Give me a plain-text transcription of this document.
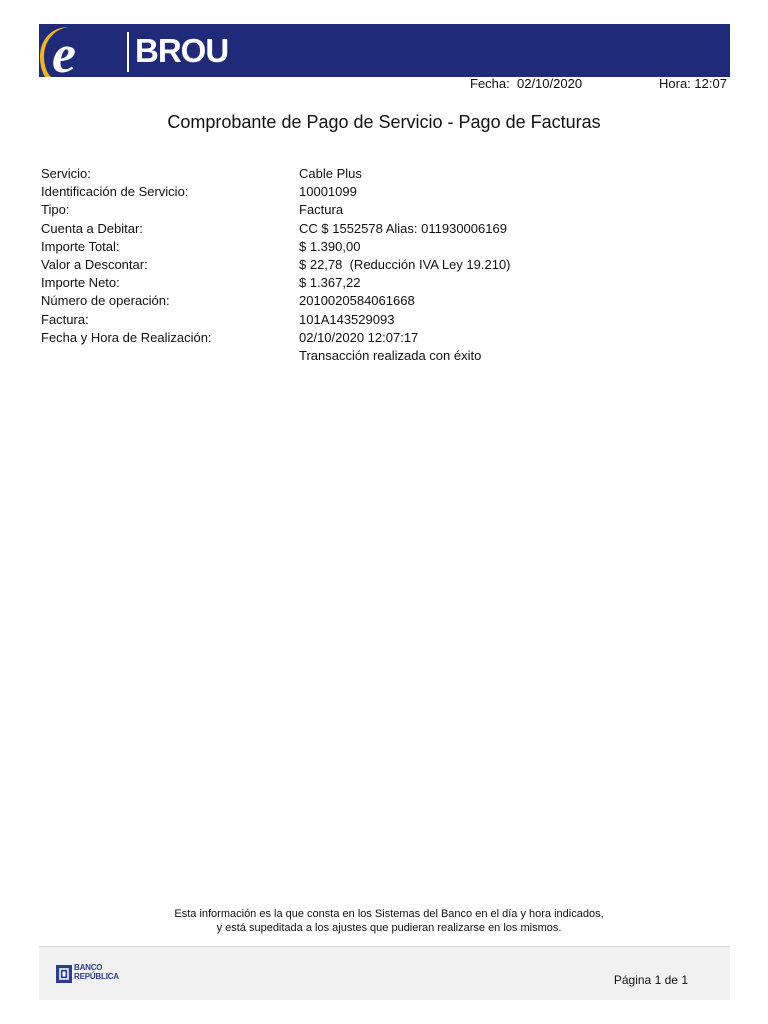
e BROU
Fecha: 02/10/2020	Hora: 12:07
Comprobante de Pago de Servicio - Pago de Facturas
Servicio:	Cable Plus
Identificación de Servicio:	10001099
Tipo:	Factura
Cuenta a Debitar:	CC $ 1552578 Alias: 011930006169
Importe Total:	$ 1.390,00
Valor a Descontar:	$ 22,78  (Reducción IVA Ley 19.210)
Importe Neto:	$ 1.367,22
Número de operación:	2010020584061668
Factura:	101A143529093
Fecha y Hora de Realización:	02/10/2020 12:07:17
Transacción realizada con éxito
Esta información es la que consta en los Sistemas del Banco en el día y hora indicados,
y está supeditada a los ajustes que pudieran realizarse en los mismos.
BANCO
REPÚBLICA	Página 1 de 1
